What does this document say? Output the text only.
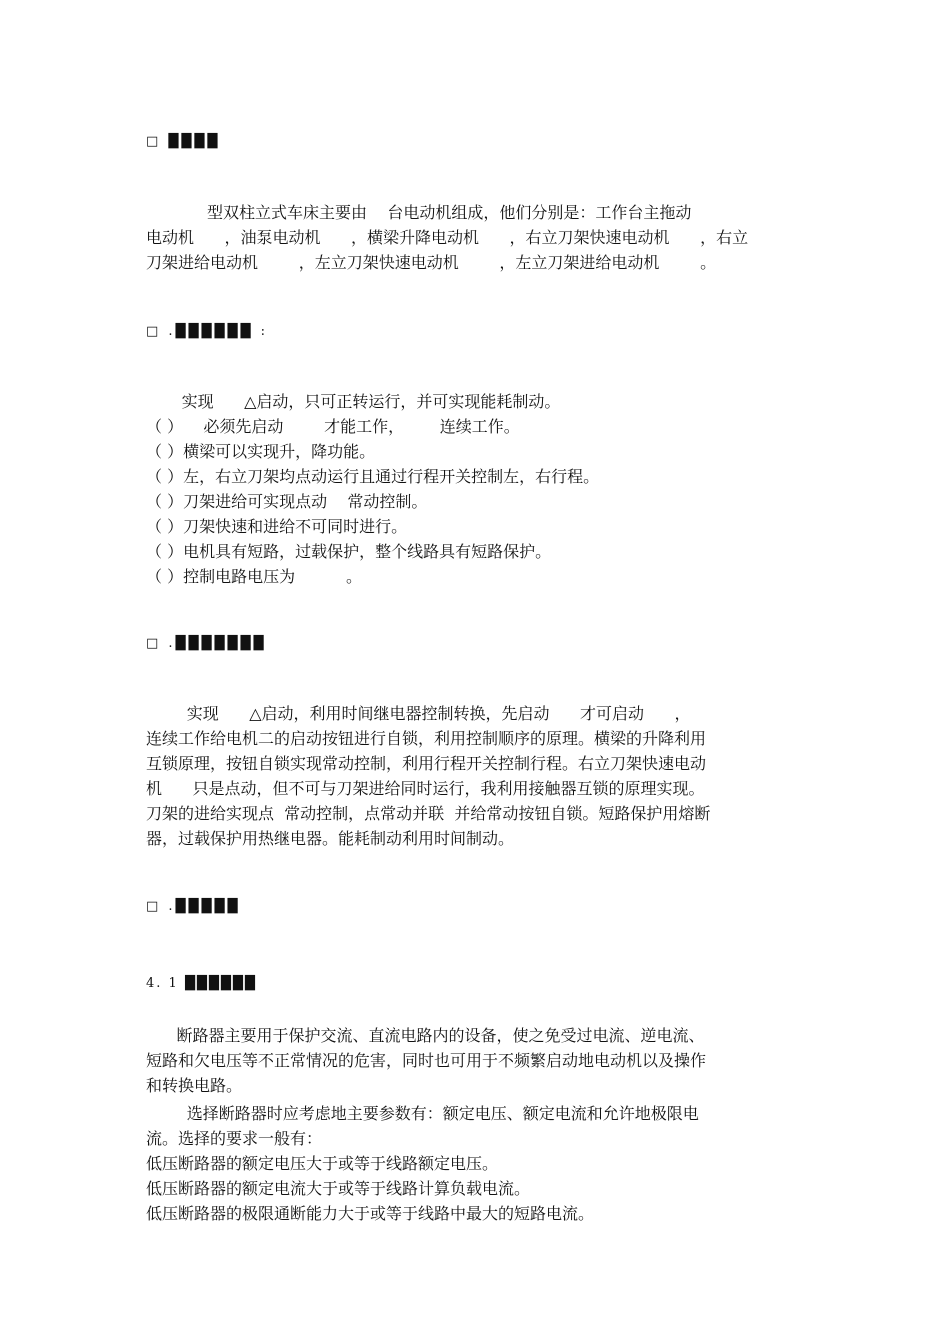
□ ████
型双柱立式车床主要由    台电动机组成，他们分别是：工作台主拖动
电动机      ，油泵电动机      ，横梁升降电动机      ，右立刀架快速电动机      ，右立
刀架进给电动机        ，左立刀架快速电动机        ，左立刀架进给电动机        。
□ .██████ :
实现      △启动，只可正转运行，并可实现能耗制动。
（ ）    必须先启动        才能工作，       连续工作。
（ ）横梁可以实现升，降功能。
（ ）左，右立刀架均点动运行且通过行程开关控制左，右行程。
（ ）刀架进给可实现点动    常动控制。
（ ）刀架快速和进给不可同时进行。
（ ）电机具有短路，过载保护，整个线路具有短路保护。
（ ）控制电路电压为          。
□ .███████
实现      △启动，利用时间继电器控制转换，先启动      才可启动      ，
连续工作给电机二的启动按钮进行自锁，利用控制顺序的原理。横梁的升降利用
互锁原理，按钮自锁实现常动控制，利用行程开关控制行程。右立刀架快速电动
机      只是点动，但不可与刀架进给同时运行，我利用接触器互锁的原理实现。
刀架的进给实现点  常动控制，点常动并联  并给常动按钮自锁。短路保护用熔断
器，过载保护用热继电器。能耗制动利用时间制动。
□ .█████
4. 1 ██████
断路器主要用于保护交流、直流电路内的设备，使之免受过电流、逆电流、
短路和欠电压等不正常情况的危害，同时也可用于不频繁启动地电动机以及操作
和转换电路。
选择断路器时应考虑地主要参数有：额定电压、额定电流和允许地极限电
流。选择的要求一般有：
低压断路器的额定电压大于或等于线路额定电压。
低压断路器的额定电流大于或等于线路计算负载电流。
低压断路器的极限通断能力大于或等于线路中最大的短路电流。
